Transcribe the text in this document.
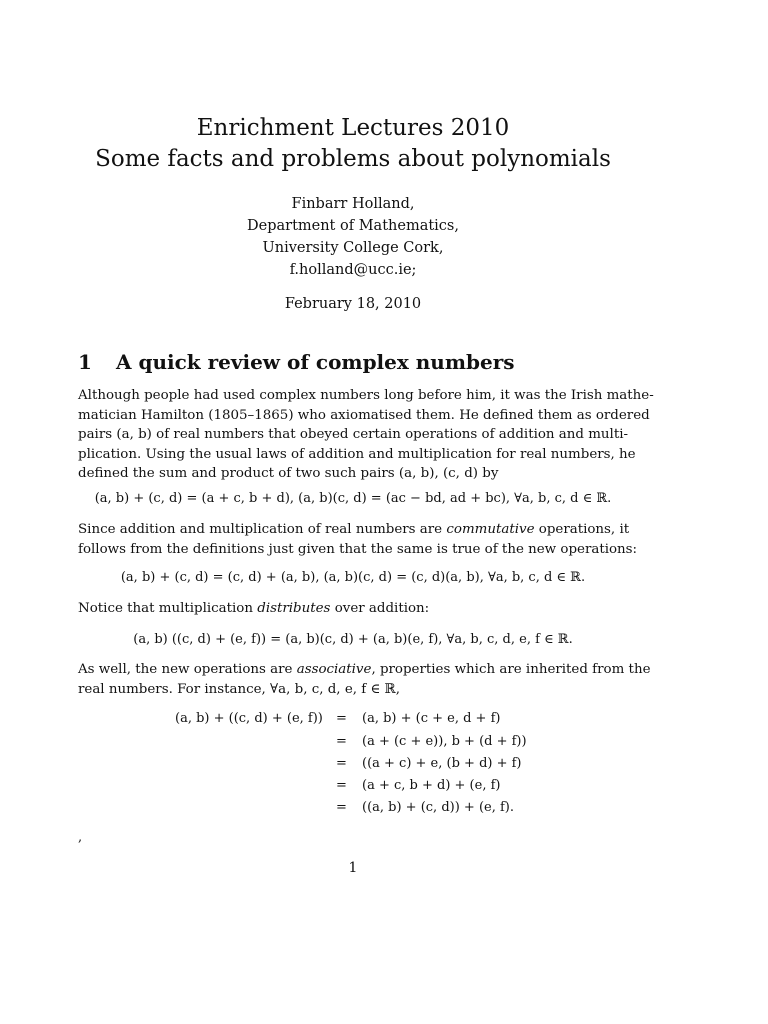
Enrichment Lectures 2010
Some facts and problems about polynomials
Finbarr Holland,
Department of Mathematics,
University College Cork,
f.holland@ucc.ie;
February 18, 2010
1 A quick review of complex numbers
Although people had used complex numbers long before him, it was the Irish mathe-
matician Hamilton (1805–1865) who axiomatised them. He defined them as ordered
pairs (a, b) of real numbers that obeyed certain operations of addition and multi-
plication. Using the usual laws of addition and multiplication for real numbers, he
defined the sum and product of two such pairs (a, b), (c, d) by
(a, b) + (c, d) = (a + c, b + d), (a, b)(c, d) = (ac − bd, ad + bc), ∀a, b, c, d ∈ ℝ.
Since addition and multiplication of real numbers are commutative operations, it
follows from the definitions just given that the same is true of the new operations:
(a, b) + (c, d) = (c, d) + (a, b), (a, b)(c, d) = (c, d)(a, b), ∀a, b, c, d ∈ ℝ.
Notice that multiplication distributes over addition:
(a, b) ((c, d) + (e, f)) = (a, b)(c, d) + (a, b)(e, f), ∀a, b, c, d, e, f ∈ ℝ.
As well, the new operations are associative, properties which are inherited from the
real numbers. For instance, ∀a, b, c, d, e, f ∈ ℝ,
(a, b) + ((c, d) + (e, f)) = (a, b) + (c + e, d + f)
= (a + (c + e)), b + (d + f))
= ((a + c) + e, (b + d) + f)
= (a + c, b + d) + (e, f)
= ((a, b) + (c, d)) + (e, f).
,
1
